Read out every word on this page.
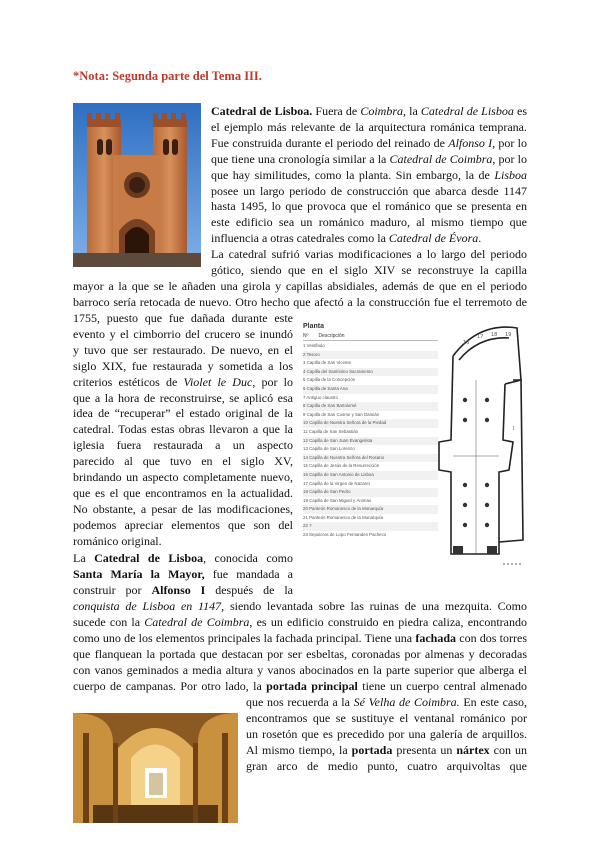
*Nota: Segunda parte del Tema III.

Catedral de Lisboa. Fuera de Coimbra, la Catedral de Lisboa es
el ejemplo más relevante de la arquitectura románica temprana.
Fue construida durante el periodo del reinado de Alfonso I, por lo
que tiene una cronología similar a la Catedral de Coimbra, por lo
que hay similitudes, como la planta. Sin embargo, la de Lisboa
posee un largo periodo de construcción que abarca desde 1147
hasta 1495, lo que provoca que el románico que se presenta en
este edificio sea un románico maduro, al mismo tiempo que
influencia a otras catedrales como la Catedral de Évora.

La catedral sufrió varias modificaciones a lo largo del periodo
gótico, siendo que en el siglo XIV se reconstruye la capilla

mayor a la que se le añaden una girola y capillas absidiales, además de que en el periodo
barroco sería retocada de nuevo. Otro hecho que afectó a la construcción fue el terremoto de

1755, puesto que fue dañada durante este
evento y el cimborrio del crucero se inundó
y tuvo que ser restaurado. De nuevo, en el
siglo XIX, fue restaurada y sometida a los
criterios estéticos de Violet le Duc, por lo
que a la hora de reconstruirse, se aplicó esa
idea de “recuperar” el estado original de la
catedral. Todas estas obras llevaron a que la
iglesia fuera restaurada a un aspecto
parecido al que tuvo en el siglo XV,
brindando un aspecto completamente nuevo,
que es el que encontramos en la actualidad.
No obstante, a pesar de las modificaciones,
podemos apreciar elementos que son del
románico original.

La Catedral de Lisboa, conocida como
Santa María la Mayor, fue mandada a
construir por Alfonso I después de la

conquista de Lisboa en 1147, siendo levantada sobre las ruinas de una mezquita. Como
sucede con la Catedral de Coimbra, es un edificio construido en piedra caliza, encontrando
como uno de los elementos principales la fachada principal. Tiene una fachada con dos torres
que flanquean la portada que destacan por ser esbeltas, coronadas por almenas y decoradas
con vanos geminados a media altura y vanos abocinados en la parte superior que alberga el
cuerpo de campanas. Por otro lado, la portada principal tiene un cuerpo central almenado

que nos recuerda a la Sé Velha de Coimbra. En este caso,
encontramos que se sustituye el ventanal románico por
un rosetón que es precedido por una galería de arquillos.
Al mismo tiempo, la portada presenta un nártex con un
gran arco de medio punto, cuatro arquivoltas que

Planta
Nº Descripción
1 Vestíbulo
2 Tesoro
3 Capilla de San Vicente
4 Capilla del Santísimo Sacramento
5 Capilla de la Concepción
6 Capilla de Santa Ana
7 Antiguo claustro
8 Capilla de San Bartolomé
9 Capilla de San Cosme y San Damián
10 Capilla de Nuestra Señora de la Piedad
11 Capilla de San Sebastián
12 Capilla de San Juan Evangelista
13 Capilla de San Lorenzo
14 Capilla de Nuestra Señora del Rosario
15 Capilla de Jesús de la Resurrección
16 Capilla de San Antonio de Lisboa
17 Capilla de la Virgen de Nazaret
18 Capilla de San Pedro
19 Capilla de San Miguel y Ánimas
20 Panteón Romanesco de la Monarquía
21 Panteón Romanesco de la Monarquía
22 ?
23 Sepulcros de Lopo Fernandes Pacheco
16
17 18 19
I
